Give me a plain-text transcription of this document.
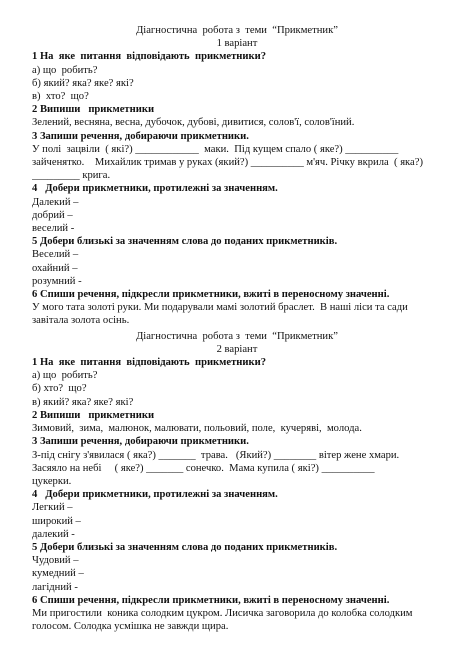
Діагностична  робота з  теми  “Прикметник”
1 варіант
1 На  яке  питання  відповідають  прикметники?
а) що  робить?
б) який? яка? яке? які?
в)  хто?  що?
2 Випиши   прикметники
Зелений, весняна, весна, дубочок, дубові, дивитися, солов'ї, солов'їний.
3 Запиши речення, добираючи прикметники.
У полі  зацвіли  ( які?) ____________  маки.  Під кущем спало ( яке?) __________
зайченятко.    Михайлик тримав у руках (який?) __________ м'яч. Річку вкрила  ( яка?)
_________ крига.
4   Добери прикметники, протилежні за значенням.
Далекий –
добрий –
веселий -
5 Добери близькі за значенням слова до поданих прикметників.
Веселий –
охайний –
розумний -
6 Спиши речення, підкресли прикметники, вжиті в переносному значенні.
У мого тата золоті руки. Ми подарували мамі золотий браслет.  В наші ліси та сади
завітала золота осінь.
Діагностична  робота з  теми  “Прикметник”
2 варіант
1 На  яке  питання  відповідають  прикметники?
а) що  робить?
б) хто?  що?
в) який? яка? яке? які?
2 Випиши   прикметники
Зимовий,  зима,  малюнок, малювати, польовий, поле,  кучеряві,  молода.
3 Запиши речення, добираючи прикметники.
З-під снігу з'явилася ( яка?) _______  трава.   (Який?) ________ вітер жене хмари.
Засяяло на небі     ( яке?) _______ сонечко.  Мама купила ( які?) __________
цукерки.
4   Добери прикметники, протилежні за значенням.
Легкий –
широкий –
далекий -
5 Добери близькі за значенням слова до поданих прикметників.
Чудовий –
кумедний –
лагідний -
6 Спиши речення, підкресли прикметники, вжиті в переносному значенні.
Ми пригостили  коника солодким цукром. Лисичка заговорила до колобка солодким
голосом. Солодка усмішка не завжди щира.
